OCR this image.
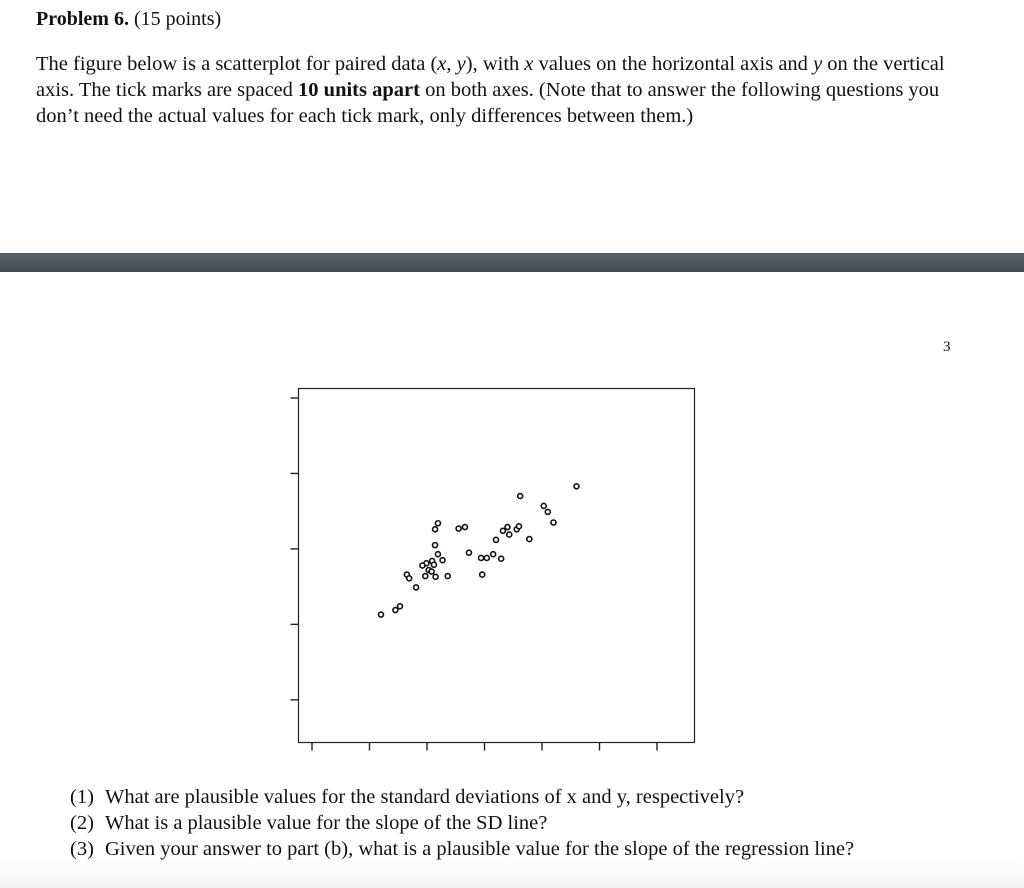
Problem 6. (15 points)
The figure below is a scatterplot for paired data (x, y), with x values on the horizontal axis and y on the vertical axis. The tick marks are spaced 10 units apart on both axes. (Note that to answer the following questions you don’t need the actual values for each tick mark, only differences between them.)
3
(1) What are plausible values for the standard deviations of x and y, respectively?
(2) What is a plausible value for the slope of the SD line?
(3) Given your answer to part (b), what is a plausible value for the slope of the regression line?
